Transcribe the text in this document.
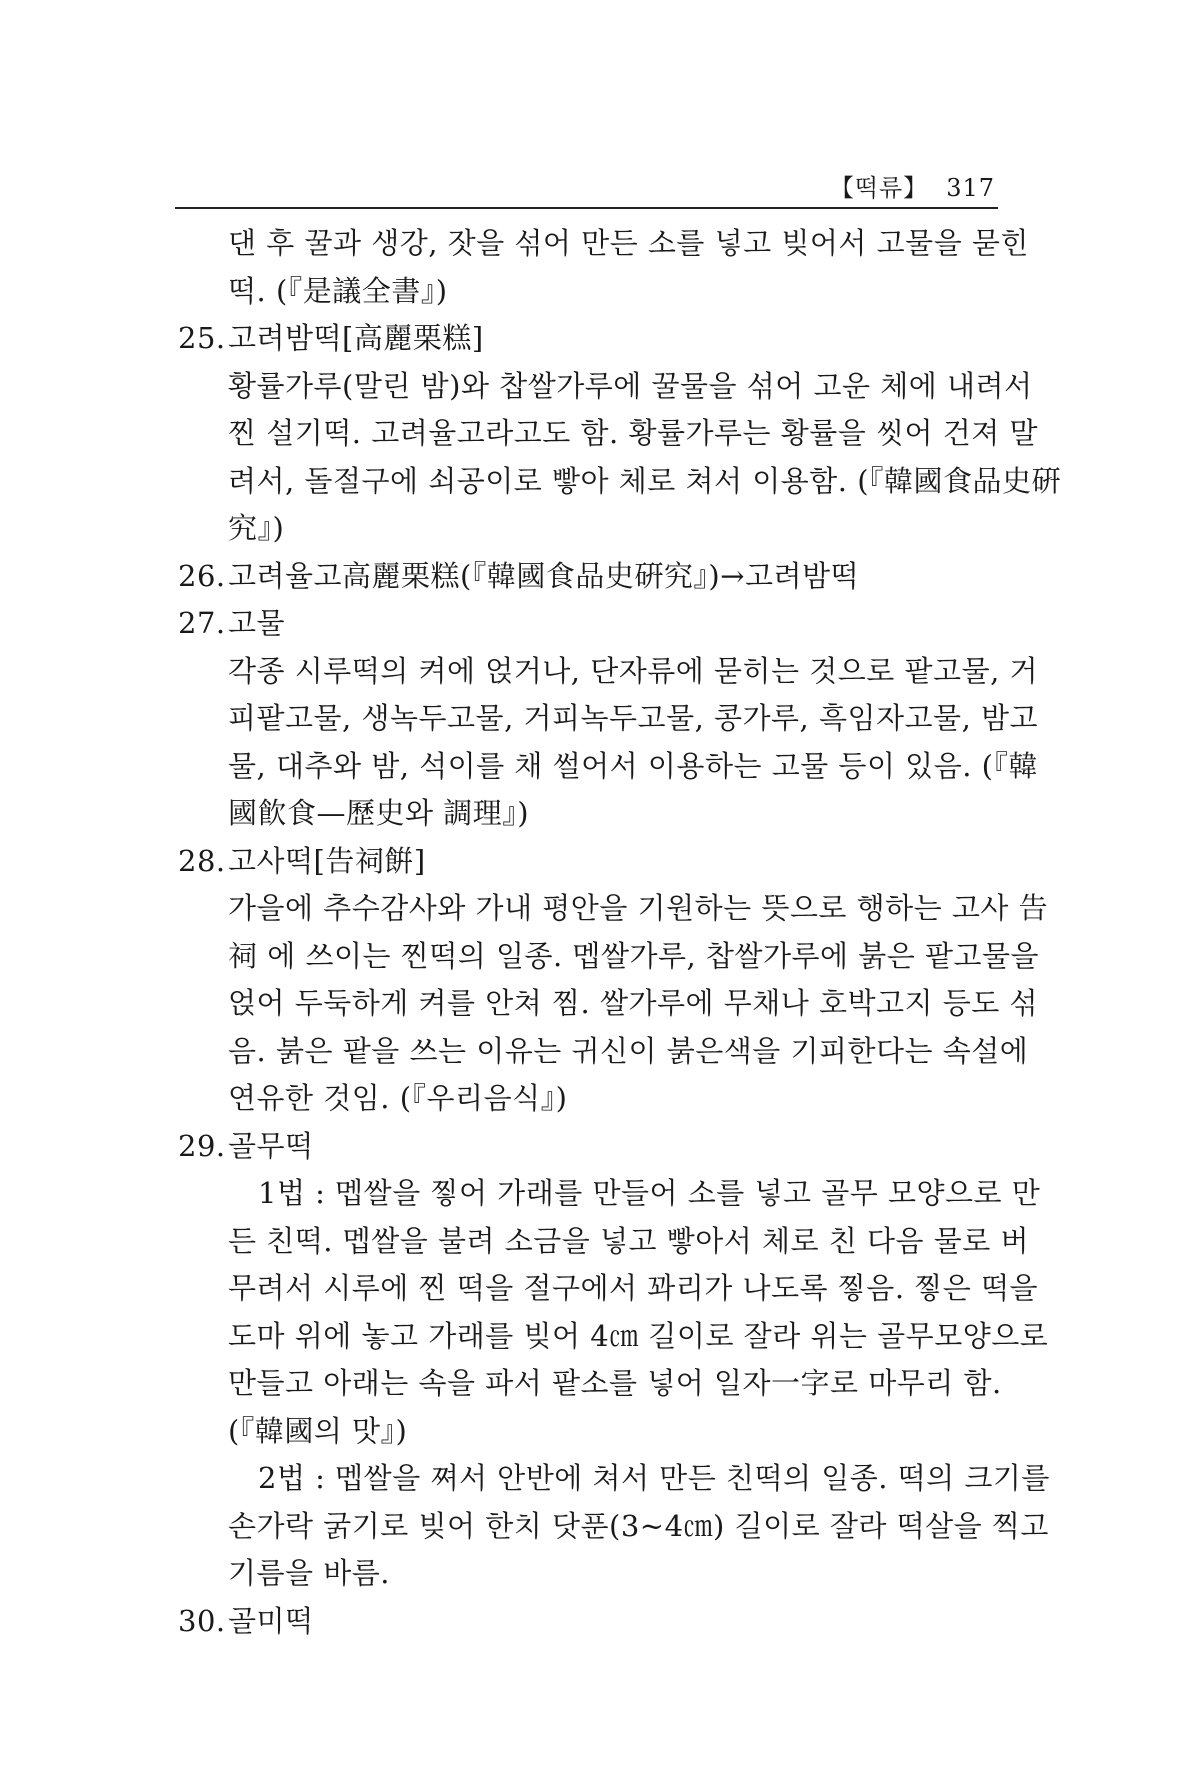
【떡류】 317
댄 후 꿀과 생강, 잣을 섞어 만든 소를 넣고 빚어서 고물을 묻힌
떡. (『是議全書』)
25.고려밤떡[高麗栗糕]
황률가루(말린 밤)와 찹쌀가루에 꿀물을 섞어 고운 체에 내려서
찐 설기떡. 고려율고라고도 함. 황률가루는 황률을 씻어 건져 말
려서, 돌절구에 쇠공이로 빻아 체로 쳐서 이용함. (『韓國食品史硏
究』)
26.고려율고高麗栗糕(『韓國食品史硏究』)→고려밤떡
27.고물
각종 시루떡의 켜에 얹거나, 단자류에 묻히는 것으로 팥고물, 거
피팥고물, 생녹두고물, 거피녹두고물, 콩가루, 흑임자고물, 밤고
물, 대추와 밤, 석이를 채 썰어서 이용하는 고물 등이 있음. (『韓
國飮食—歷史와 調理』)
28.고사떡[告祠餠]
가을에 추수감사와 가내 평안을 기원하는 뜻으로 행하는 고사 告
祠 에 쓰이는 찐떡의 일종. 멥쌀가루, 찹쌀가루에 붉은 팥고물을
얹어 두둑하게 켜를 안쳐 찜. 쌀가루에 무채나 호박고지 등도 섞
음. 붉은 팥을 쓰는 이유는 귀신이 붉은색을 기피한다는 속설에
연유한 것임. (『우리음식』)
29.골무떡
1법 : 멥쌀을 찧어 가래를 만들어 소를 넣고 골무 모양으로 만
든 친떡. 멥쌀을 불려 소금을 넣고 빻아서 체로 친 다음 물로 버
무려서 시루에 찐 떡을 절구에서 꽈리가 나도록 찧음. 찧은 떡을
도마 위에 놓고 가래를 빚어 4㎝ 길이로 잘라 위는 골무모양으로
만들고 아래는 속을 파서 팥소를 넣어 일자一字로 마무리 함.
(『韓國의 맛』)
2법 : 멥쌀을 쪄서 안반에 쳐서 만든 친떡의 일종. 떡의 크기를
손가락 굵기로 빚어 한치 닷푼(3~4㎝) 길이로 잘라 떡살을 찍고
기름을 바름.
30.골미떡
